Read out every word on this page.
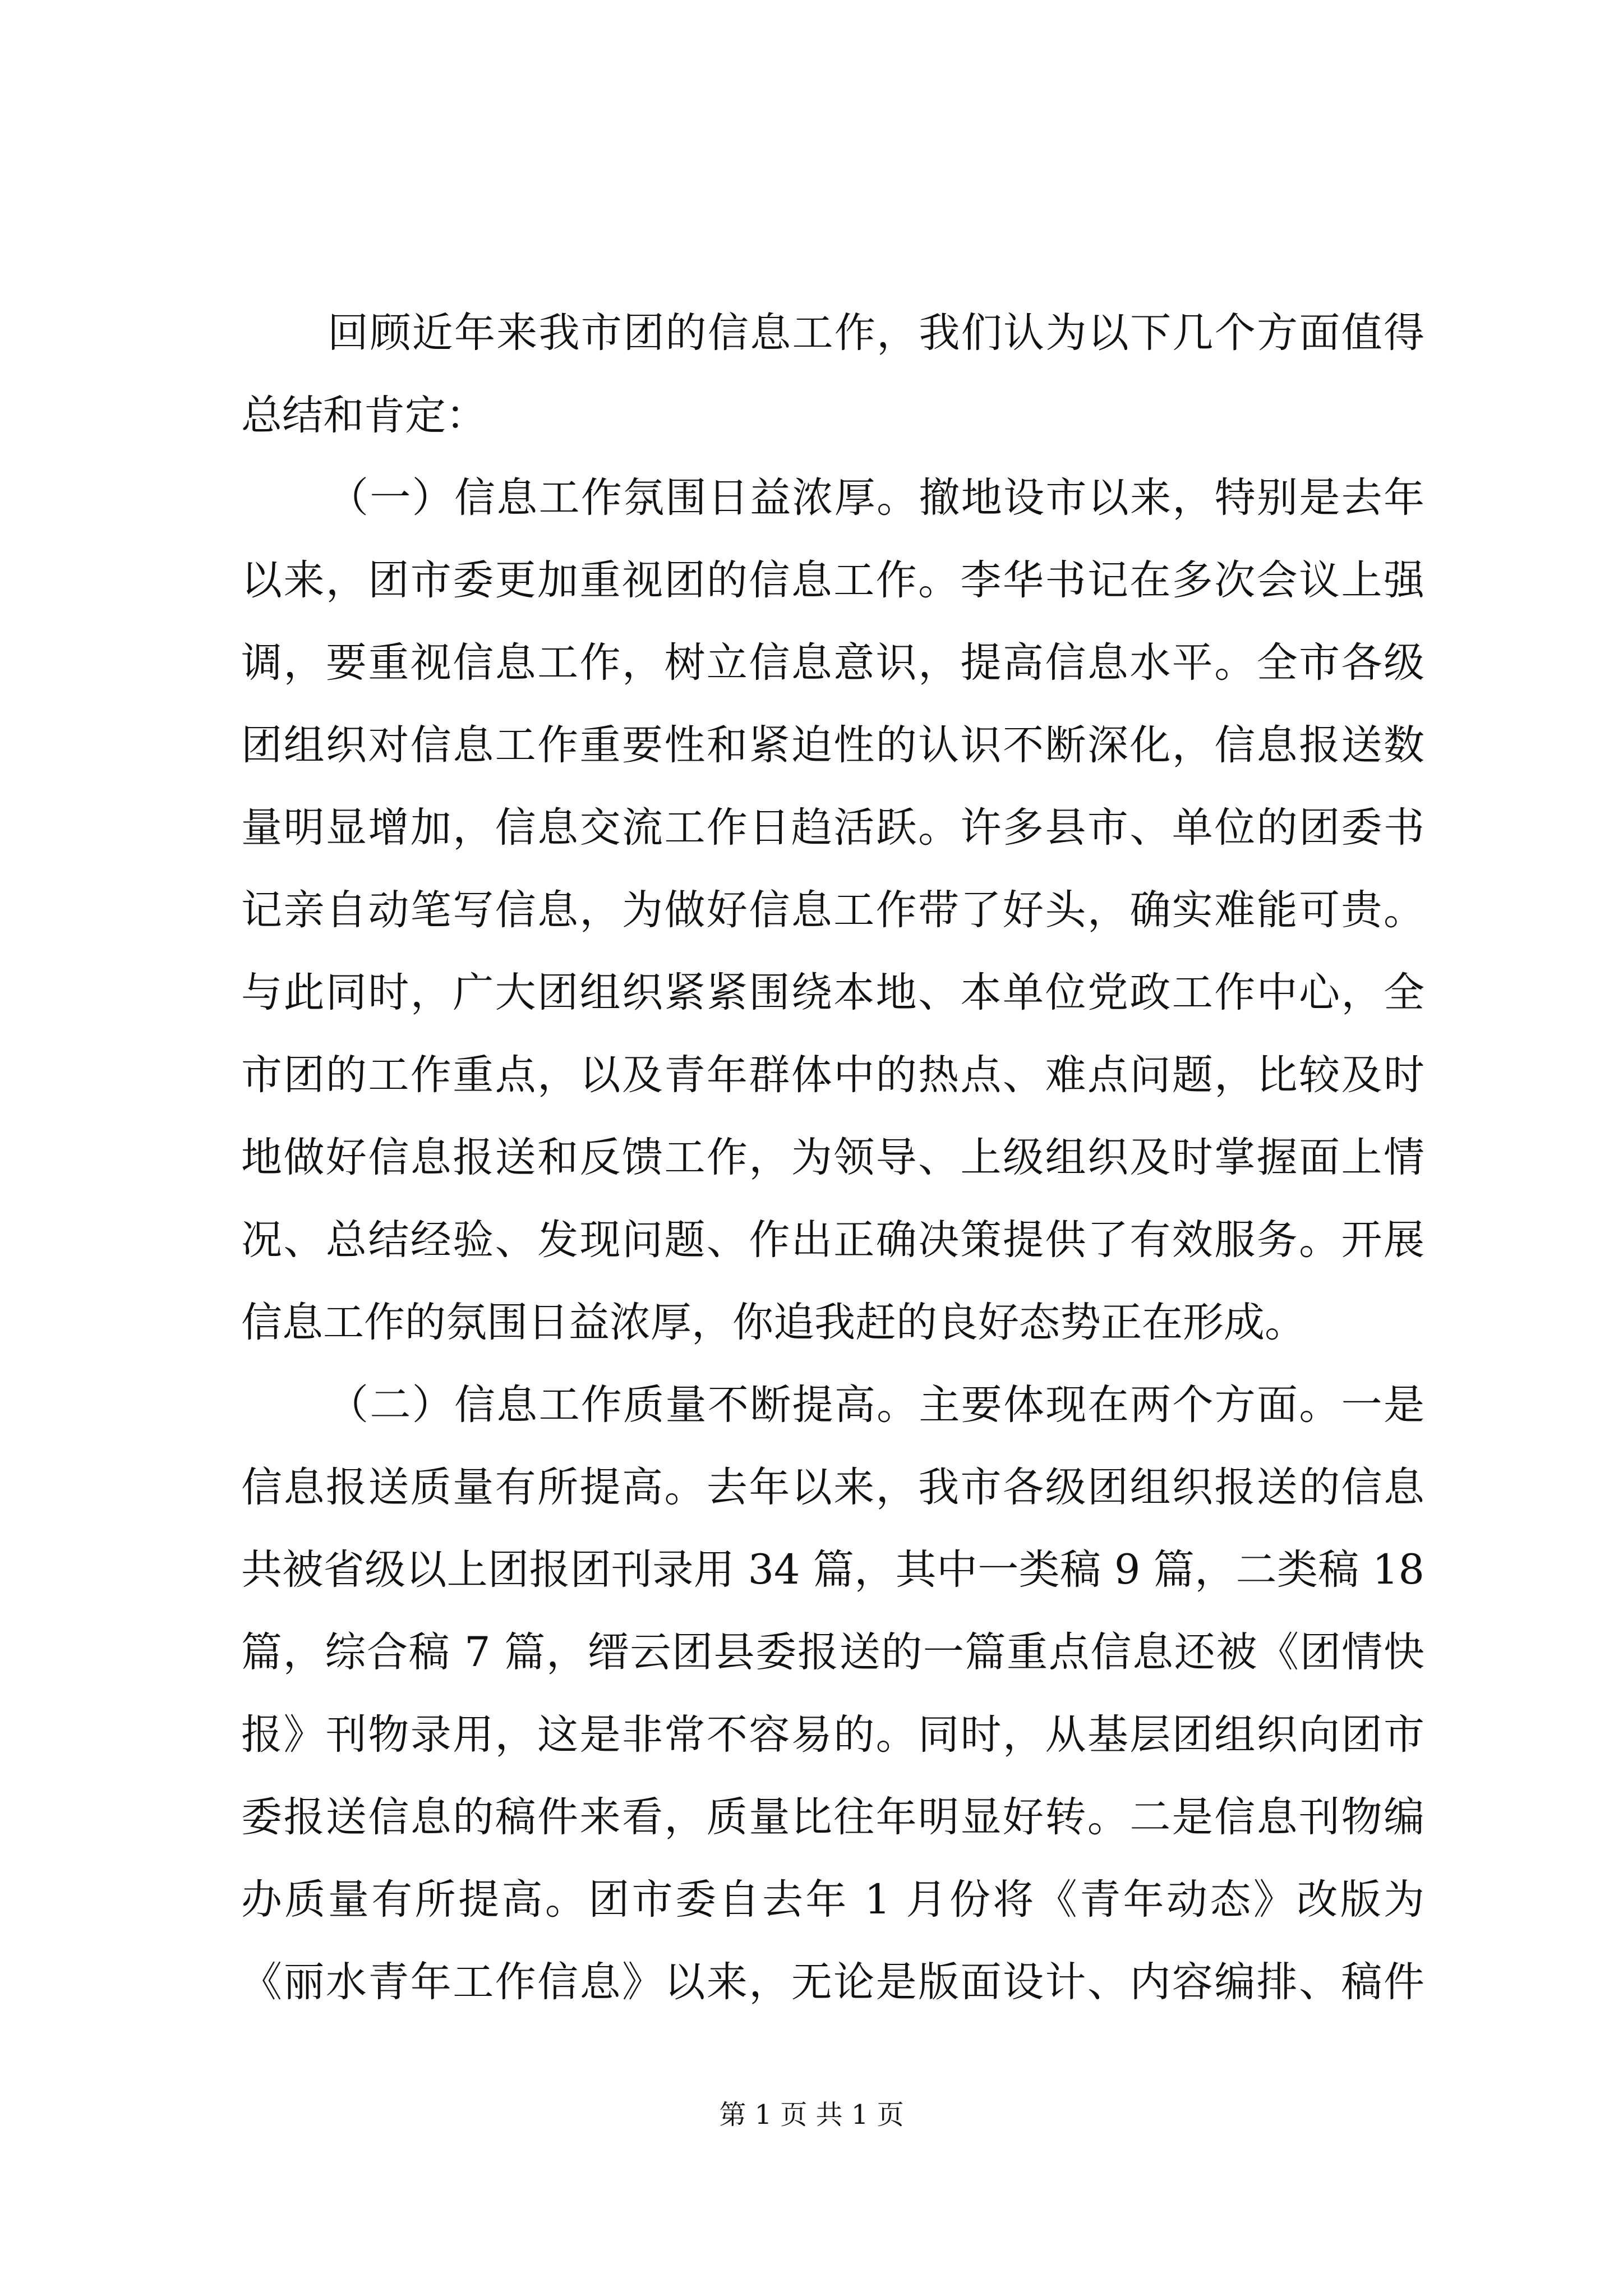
回顾近年来我市团的信息工作，我们认为以下几个方面值得
总结和肯定：
（一）信息工作氛围日益浓厚。撤地设市以来，特别是去年
以来，团市委更加重视团的信息工作。李华书记在多次会议上强
调，要重视信息工作，树立信息意识，提高信息水平。全市各级
团组织对信息工作重要性和紧迫性的认识不断深化，信息报送数
量明显增加，信息交流工作日趋活跃。许多县市、单位的团委书
记亲自动笔写信息，为做好信息工作带了好头，确实难能可贵。
与此同时，广大团组织紧紧围绕本地、本单位党政工作中心，全
市团的工作重点，以及青年群体中的热点、难点问题，比较及时
地做好信息报送和反馈工作，为领导、上级组织及时掌握面上情
况、总结经验、发现问题、作出正确决策提供了有效服务。开展
信息工作的氛围日益浓厚，你追我赶的良好态势正在形成。
（二）信息工作质量不断提高。主要体现在两个方面。一是
信息报送质量有所提高。去年以来，我市各级团组织报送的信息
共被省级以上团报团刊录用 34 篇，其中一类稿 9 篇，二类稿 18
篇，综合稿 7 篇，缙云团县委报送的一篇重点信息还被《团情快
报》刊物录用，这是非常不容易的。同时，从基层团组织向团市
委报送信息的稿件来看，质量比往年明显好转。二是信息刊物编
办质量有所提高。团市委自去年 1 月份将《青年动态》改版为
《丽水青年工作信息》以来，无论是版面设计、内容编排、稿件
第 1 页 共 1 页
